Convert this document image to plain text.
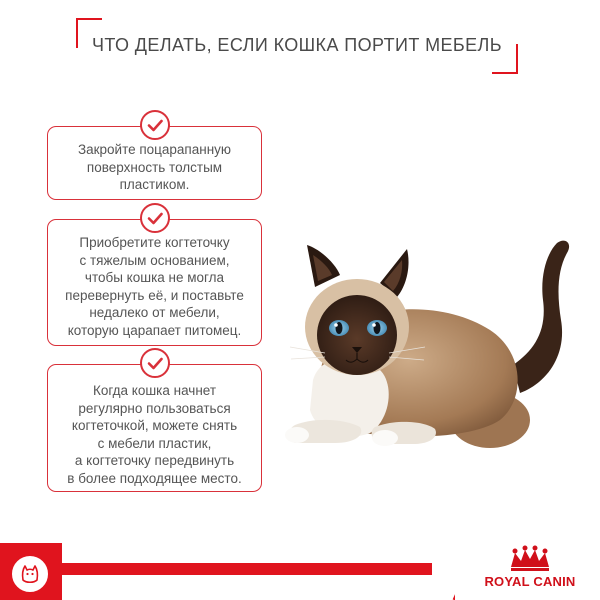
ЧТО ДЕЛАТЬ, ЕСЛИ КОШКА ПОРТИТ МЕБЕЛЬ
Закройте поцарапанную
поверхность толстым
пластиком.
Приобретите когтеточку
с тяжелым основанием,
чтобы кошка не могла
перевернуть её, и поставьте
недалеко от мебели,
которую царапает питомец.
Когда кошка начнет
регулярно пользоваться
когтеточкой, можете снять
с мебели пластик,
а когтеточку передвинуть
в более подходящее место.
ROYAL CANIN
